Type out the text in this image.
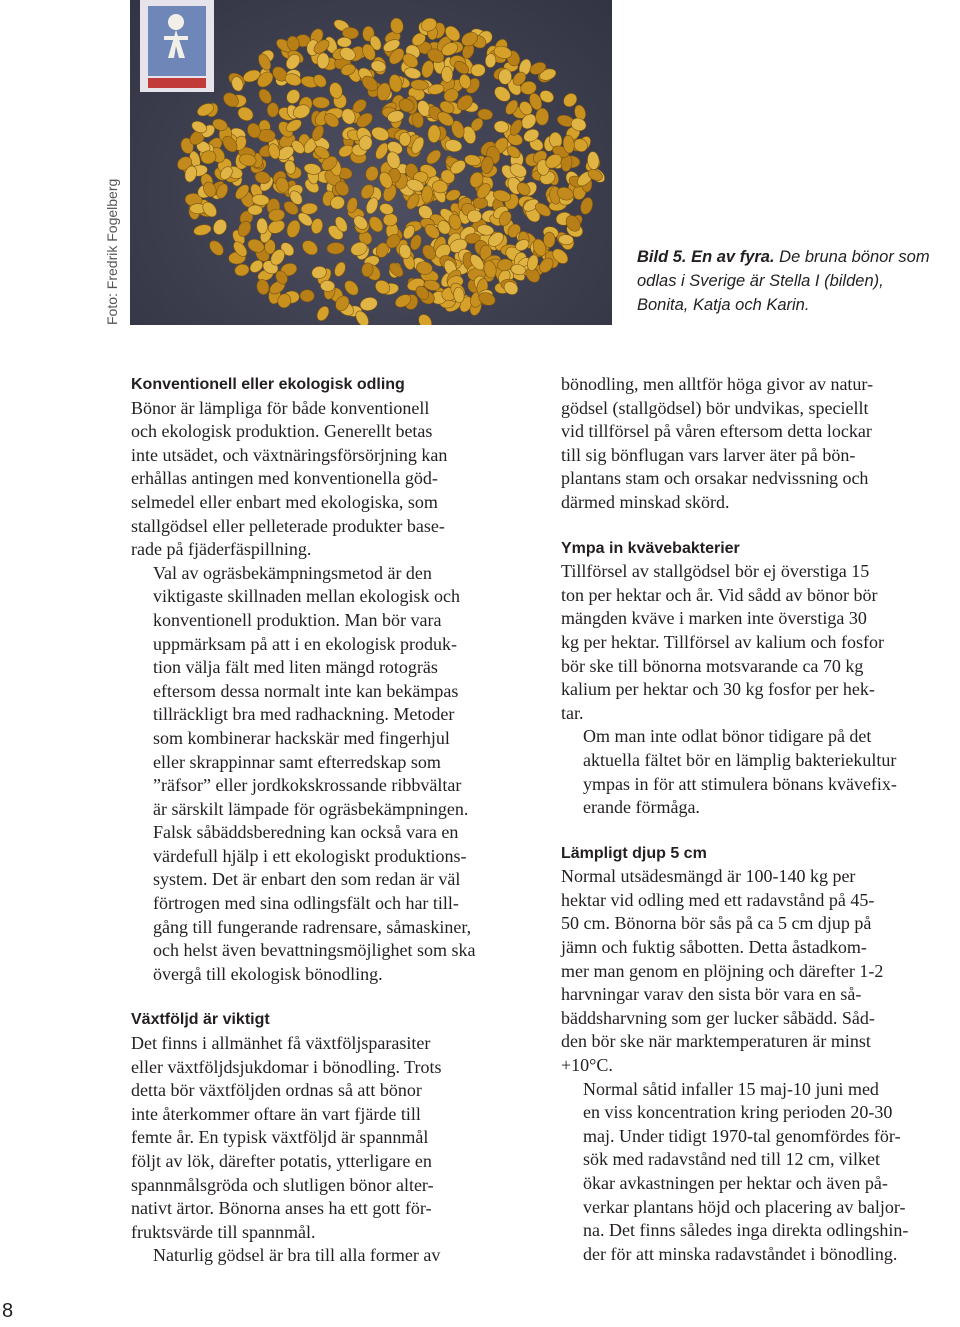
Foto: Fredrik Fogelberg	Bild 5. En av fyra. De bruna bönor som odlas i Sverige är Stella I (bilden), Bonita, Katja och Karin.
Konventionell eller ekologisk odling

Bönor är lämpliga för både konventionell
och ekologisk produktion. Generellt betas
inte utsädet, och växtnäringsförsörjning kan
erhållas antingen med konventionella göd-
selmedel eller enbart med ekologiska, som
stallgödsel eller pelleterade produkter base-
rade på fjäderfäspillning.

Val av ogräsbekämpningsmetod är den
viktigaste skillnaden mellan ekologisk och
konventionell produktion. Man bör vara
uppmärksam på att i en ekologisk produk-
tion välja fält med liten mängd rotogräs
eftersom dessa normalt inte kan bekämpas
tillräckligt bra med radhackning. Metoder
som kombinerar hackskär med fingerhjul
eller skrappinnar samt efterredskap som
”räfsor” eller jordkokskrossande ribbvältar
är särskilt lämpade för ogräsbekämpningen.
Falsk såbäddsberedning kan också vara en
värdefull hjälp i ett ekologiskt produktions-
system. Det är enbart den som redan är väl
förtrogen med sina odlingsfält och har till-
gång till fungerande radrensare, såmaskiner,
och helst även bevattningsmöjlighet som ska
övergå till ekologisk bönodling.

Växtföljd är viktigt

Det finns i allmänhet få växtföljsparasiter
eller växtföljdsjukdomar i bönodling. Trots
detta bör växtföljden ordnas så att bönor
inte återkommer oftare än vart fjärde till
femte år. En typisk växtföljd är spannmål
följt av lök, därefter potatis, ytterligare en
spannmålsgröda och slutligen bönor alter-
nativt ärtor. Bönorna anses ha ett gott för-
fruktsvärde till spannmål.

Naturlig gödsel är bra till alla former av

bönodling, men alltför höga givor av natur-
gödsel (stallgödsel) bör undvikas, speciellt
vid tillförsel på våren eftersom detta lockar
till sig bönflugan vars larver äter på bön-
plantans stam och orsakar nedvissning och
därmed minskad skörd.

Ympa in kvävebakterier

Tillförsel av stallgödsel bör ej överstiga 15
ton per hektar och år. Vid sådd av bönor bör
mängden kväve i marken inte överstiga 30
kg per hektar. Tillförsel av kalium och fosfor
bör ske till bönorna motsvarande ca 70 kg
kalium per hektar och 30 kg fosfor per hek-
tar.

Om man inte odlat bönor tidigare på det
aktuella fältet bör en lämplig bakteriekultur
ympas in för att stimulera bönans kvävefix-
erande förmåga.

Lämpligt djup 5 cm

Normal utsädesmängd är 100-140 kg per
hektar vid odling med ett radavstånd på 45-
50 cm. Bönorna bör sås på ca 5 cm djup på
jämn och fuktig såbotten. Detta åstadkom-
mer man genom en plöjning och därefter 1-2
harvningar varav den sista bör vara en så-
bäddsharvning som ger lucker såbädd. Såd-
den bör ske när marktemperaturen är minst
+10°C.

Normal såtid infaller 15 maj-10 juni med
en viss koncentration kring perioden 20-30
maj. Under tidigt 1970-tal genomfördes för-
sök med radavstånd ned till 12 cm, vilket
ökar avkastningen per hektar och även på-
verkar plantans höjd och placering av baljor-
na. Det finns således inga direkta odlingshin-
der för att minska radavståndet i bönodling.

8
